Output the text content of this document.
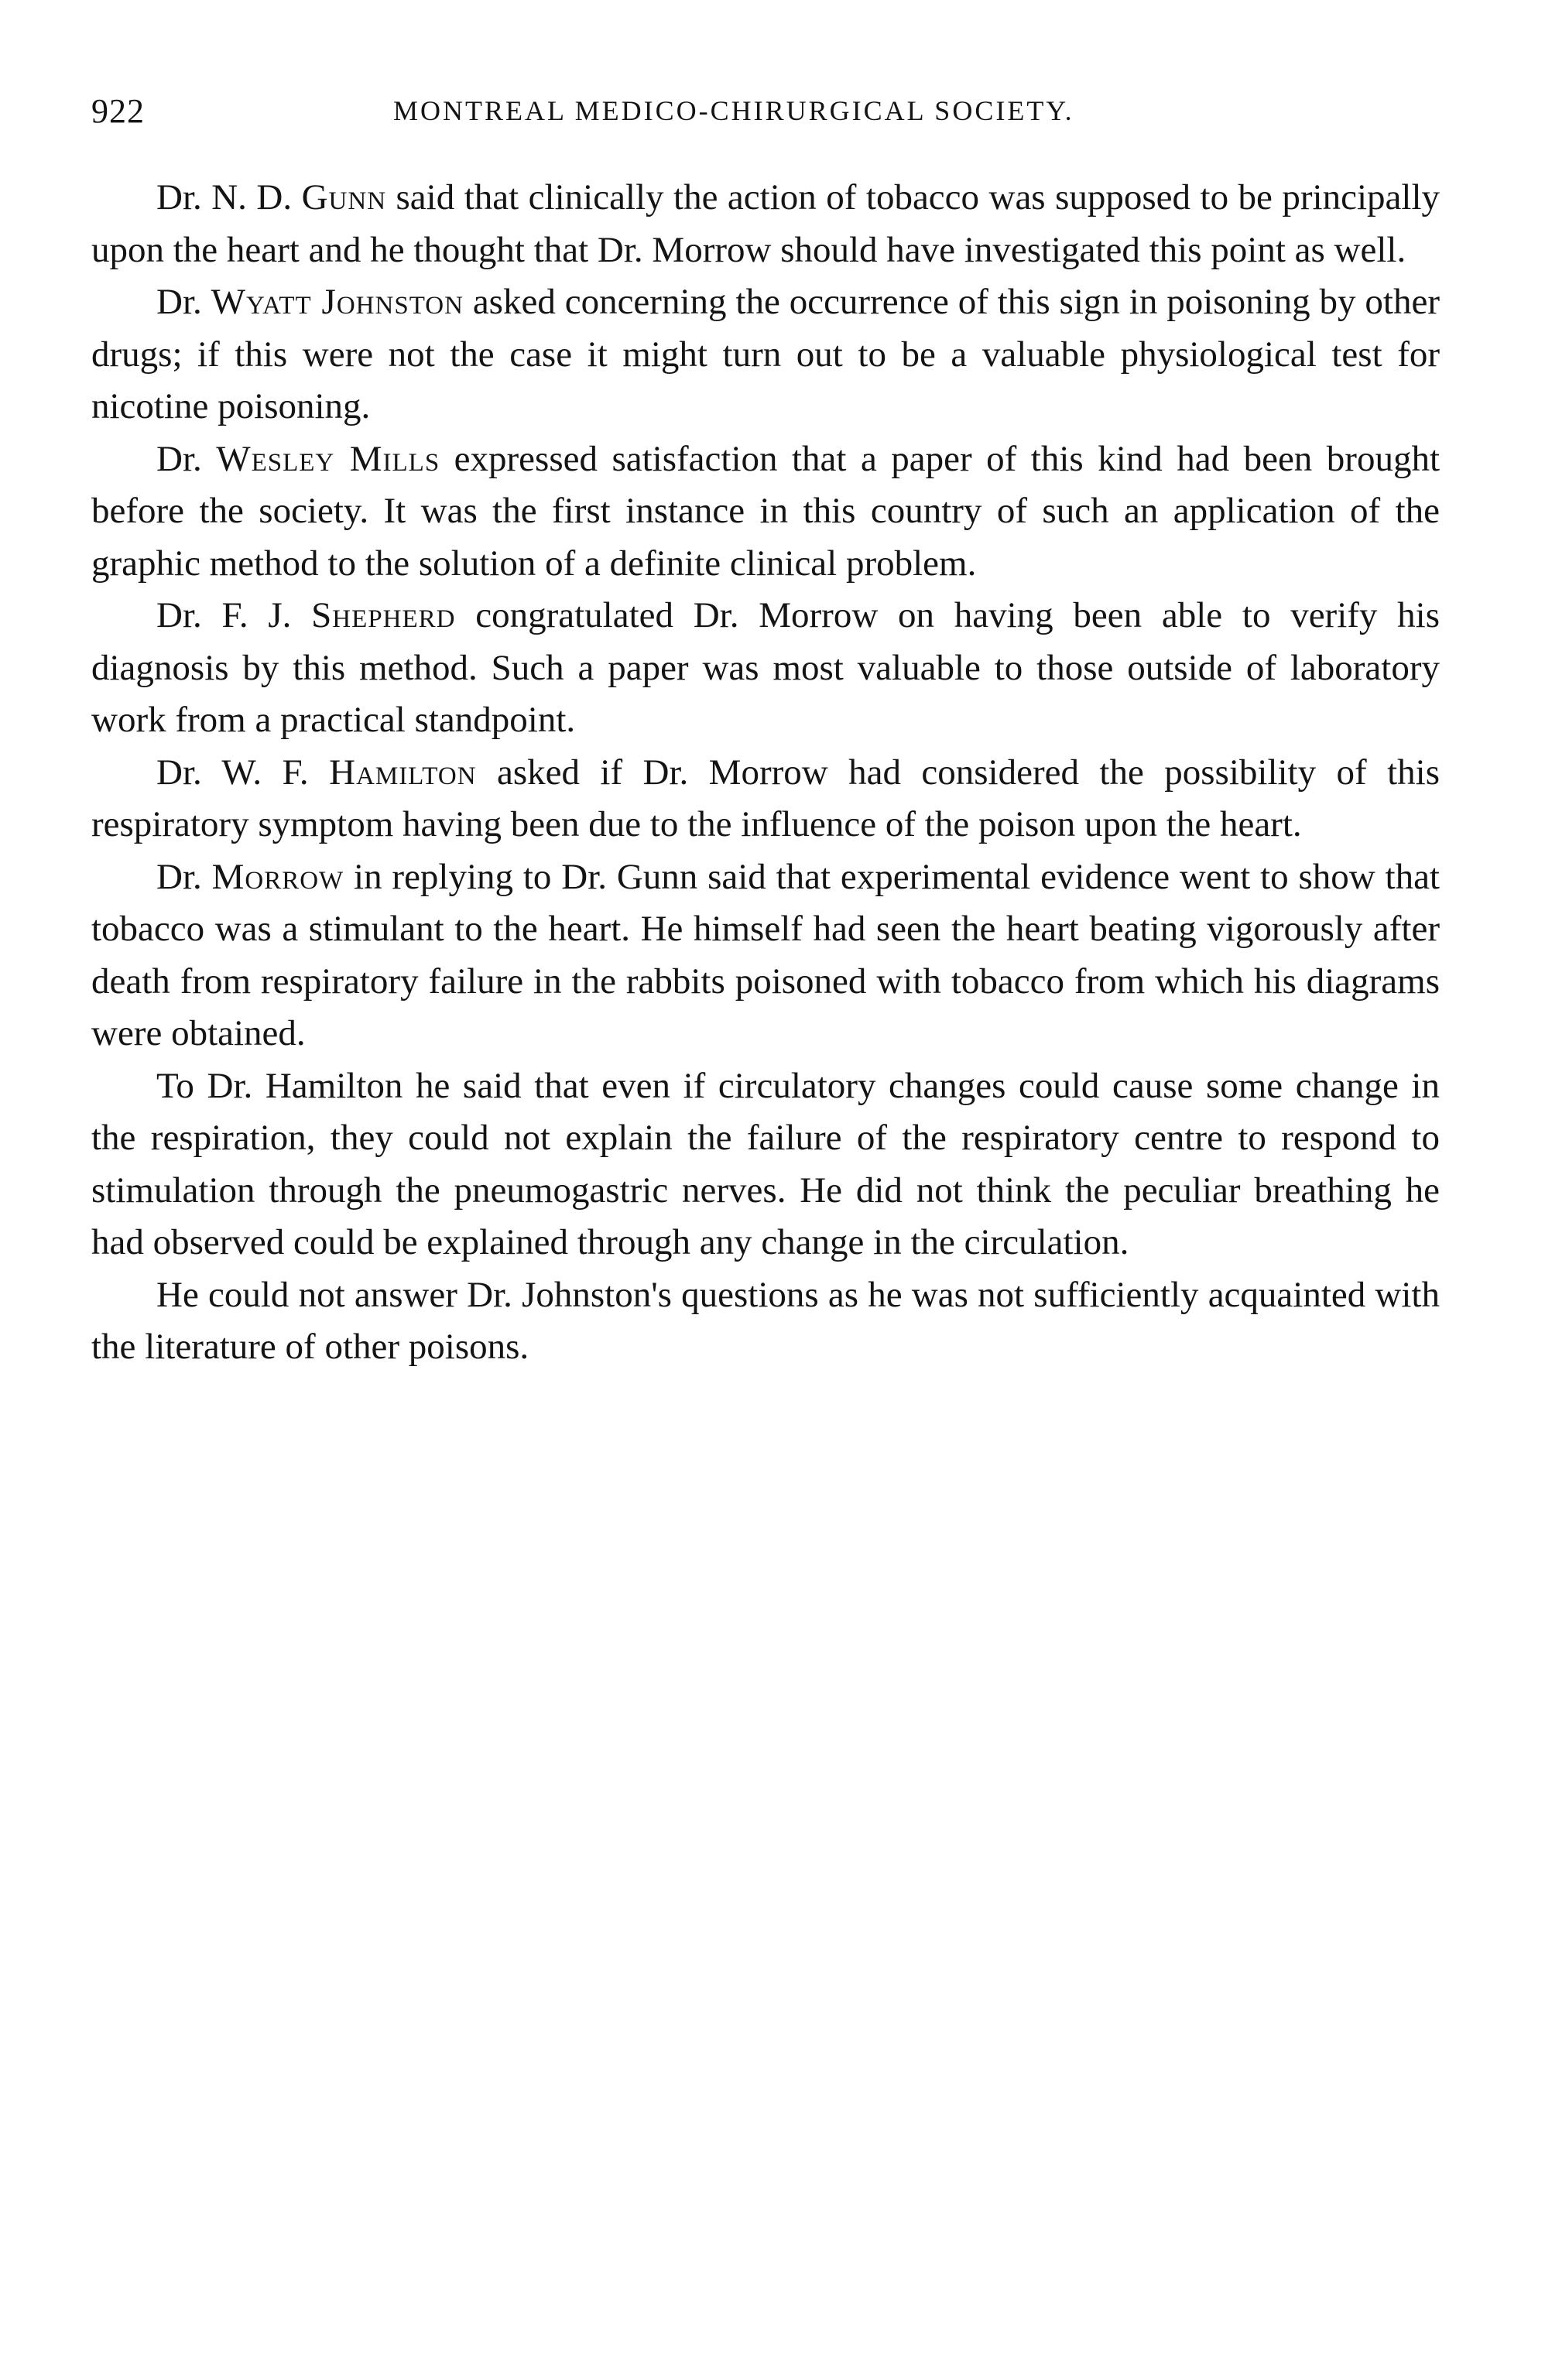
922	MONTREAL MEDICO-CHIRURGICAL SOCIETY.

Dr. N. D. Gunn said that clinically the action of tobacco was supposed to be principally upon the heart and he thought that Dr. Morrow should have investigated this point as well.

Dr. Wyatt Johnston asked concerning the occurrence of this sign in poisoning by other drugs; if this were not the case it might turn out to be a valuable physiological test for nicotine poisoning.

Dr. Wesley Mills expressed satisfaction that a paper of this kind had been brought before the society. It was the first instance in this country of such an application of the graphic method to the solution of a definite clinical problem.

Dr. F. J. Shepherd congratulated Dr. Morrow on having been able to verify his diagnosis by this method. Such a paper was most valuable to those outside of laboratory work from a practical standpoint.

Dr. W. F. Hamilton asked if Dr. Morrow had considered the possibility of this respiratory symptom having been due to the influence of the poison upon the heart.

Dr. Morrow in replying to Dr. Gunn said that experimental evidence went to show that tobacco was a stimulant to the heart. He himself had seen the heart beating vigorously after death from respiratory failure in the rabbits poisoned with tobacco from which his diagrams were obtained.

To Dr. Hamilton he said that even if circulatory changes could cause some change in the respiration, they could not explain the failure of the respiratory centre to respond to stimulation through the pneumogastric nerves. He did not think the peculiar breathing he had observed could be explained through any change in the circulation.

He could not answer Dr. Johnston's questions as he was not sufficiently acquainted with the literature of other poisons.
